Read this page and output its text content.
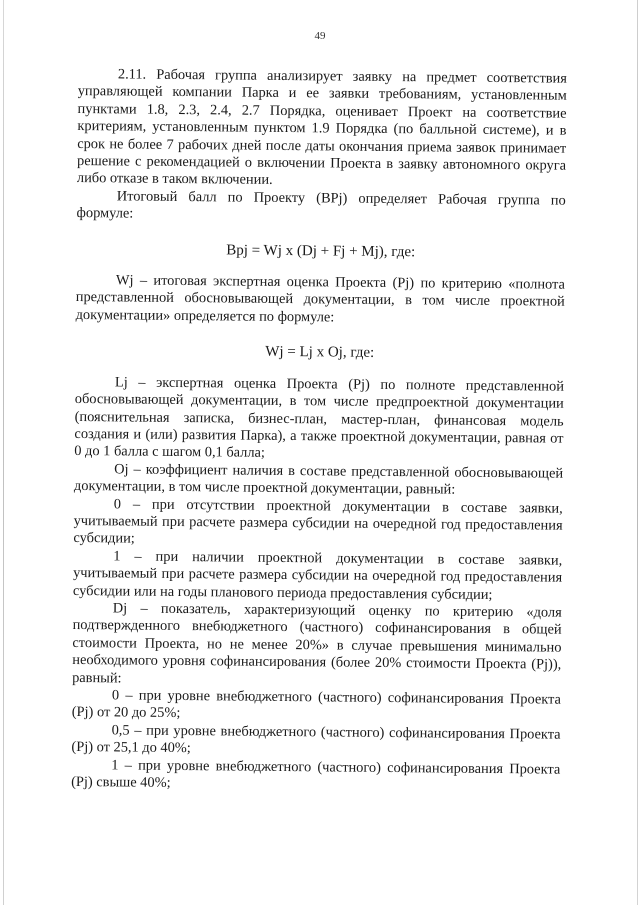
49

2.11. Рабочая группа анализирует заявку на предмет соответствия управляющей компании Парка и ее заявки требованиям, установленным пунктами 1.8, 2.3, 2.4, 2.7 Порядка, оценивает Проект на соответствие критериям, установленным пунктом 1.9 Порядка (по балльной системе), и в срок не более 7 рабочих дней после даты окончания приема заявок принимает решение с рекомендацией о включении Проекта в заявку автономного округа либо отказе в таком включении.

Итоговый балл по Проекту (BPj) определяет Рабочая группа по формуле:

Bpj = Wj x (Dj + Fj + Mj), где:

Wj – итоговая экспертная оценка Проекта (Pj) по критерию «полнота представленной обосновывающей документации, в том числе проектной документации» определяется по формуле:

Wj = Lj x Oj, где:

Lj – экспертная оценка Проекта (Pj) по полноте представленной обосновывающей документации, в том числе предпроектной документации (пояснительная записка, бизнес-план, мастер-план, финансовая модель создания и (или) развития Парка), а также проектной документации, равная от 0 до 1 балла с шагом 0,1 балла;

Oj – коэффициент наличия в составе представленной обосновывающей документации, в том числе проектной документации, равный:

0 – при отсутствии проектной документации в составе заявки, учитываемый при расчете размера субсидии на очередной год предоставления субсидии;

1 – при наличии проектной документации в составе заявки, учитываемый при расчете размера субсидии на очередной год предоставления субсидии или на годы планового периода предоставления субсидии;

Dj – показатель, характеризующий оценку по критерию «доля подтвержденного внебюджетного (частного) софинансирования в общей стоимости Проекта, но не менее 20%» в случае превышения минимально необходимого уровня софинансирования (более 20% стоимости Проекта (Pj)), равный:

0 – при уровне внебюджетного (частного) софинансирования Проекта (Pj) от 20 до 25%;

0,5 – при уровне внебюджетного (частного) софинансирования Проекта (Pj) от 25,1 до 40%;

1 – при уровне внебюджетного (частного) софинансирования Проекта (Pj) свыше 40%;
